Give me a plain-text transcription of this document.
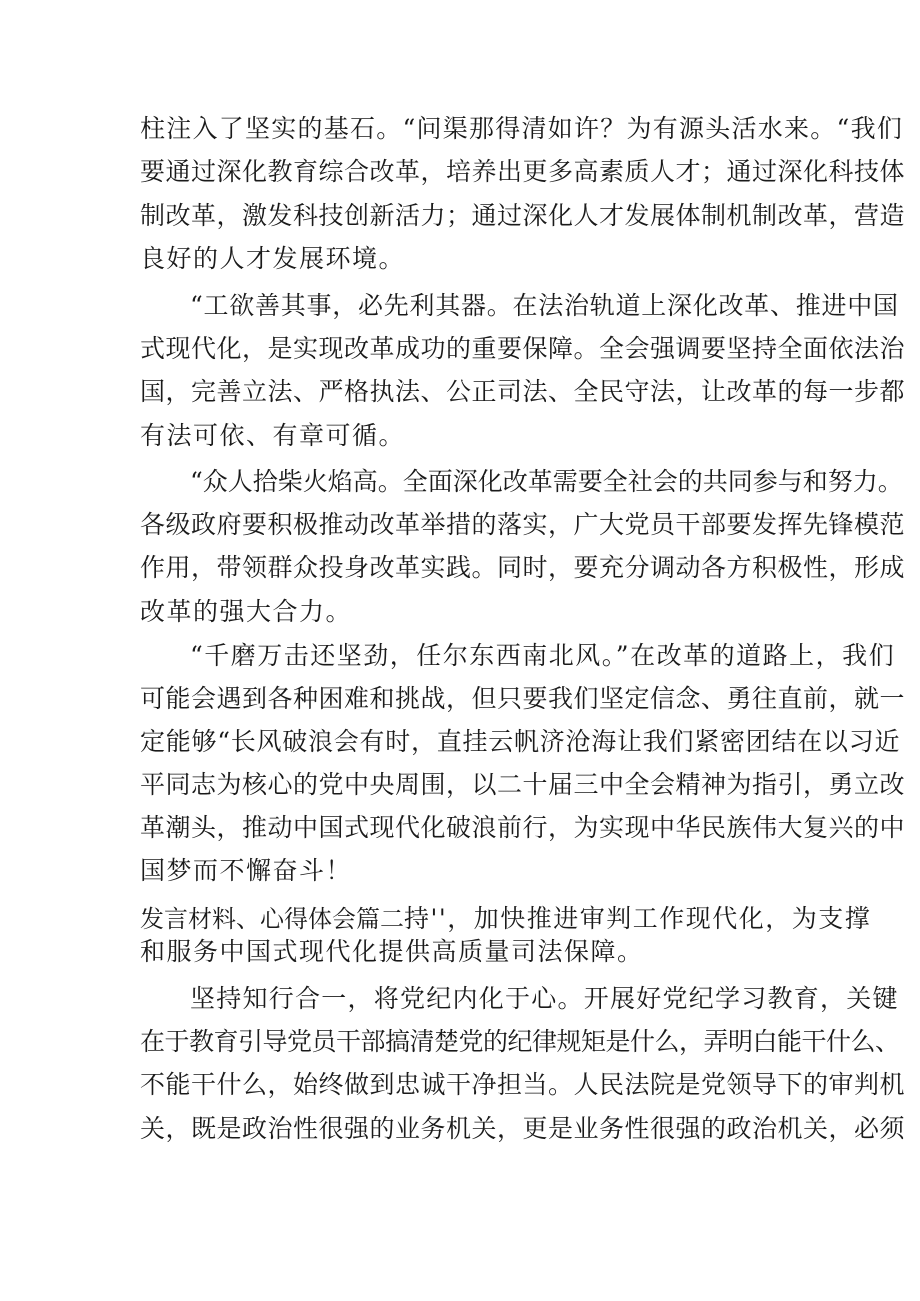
柱注入了坚实的基石。“问渠那得清如许？为有源头活水来。“我们
要通过深化教育综合改革，培养出更多高素质人才；通过深化科技体
制改革，激发科技创新活力；通过深化人才发展体制机制改革，营造
良好的人才发展环境。
“工欲善其事，必先利其器。在法治轨道上深化改革、推进中国
式现代化，是实现改革成功的重要保障。全会强调要坚持全面依法治
国，完善立法、严格执法、公正司法、全民守法，让改革的每一步都
有法可依、有章可循。
“众人拾柴火焰高。全面深化改革需要全社会的共同参与和努力。
各级政府要积极推动改革举措的落实，广大党员干部要发挥先锋模范
作用，带领群众投身改革实践。同时，要充分调动各方积极性，形成
改革的强大合力。
“千磨万击还坚劲，任尔东西南北风。”在改革的道路上，我们
可能会遇到各种困难和挑战，但只要我们坚定信念、勇往直前，就一
定能够“长风破浪会有时，直挂云帆济沧海让我们紧密团结在以习近
平同志为核心的党中央周围，以二十届三中全会精神为指引，勇立改
革潮头，推动中国式现代化破浪前行，为实现中华民族伟大复兴的中
国梦而不懈奋斗！
发言材料、心得体会篇二持''，加快推进审判工作现代化，为支撑
和服务中国式现代化提供高质量司法保障。
坚持知行合一，将党纪内化于心。开展好党纪学习教育，关键
在于教育引导党员干部搞清楚党的纪律规矩是什么，弄明白能干什么、
不能干什么，始终做到忠诚干净担当。人民法院是党领导下的审判机
关，既是政治性很强的业务机关，更是业务性很强的政治机关，必须
